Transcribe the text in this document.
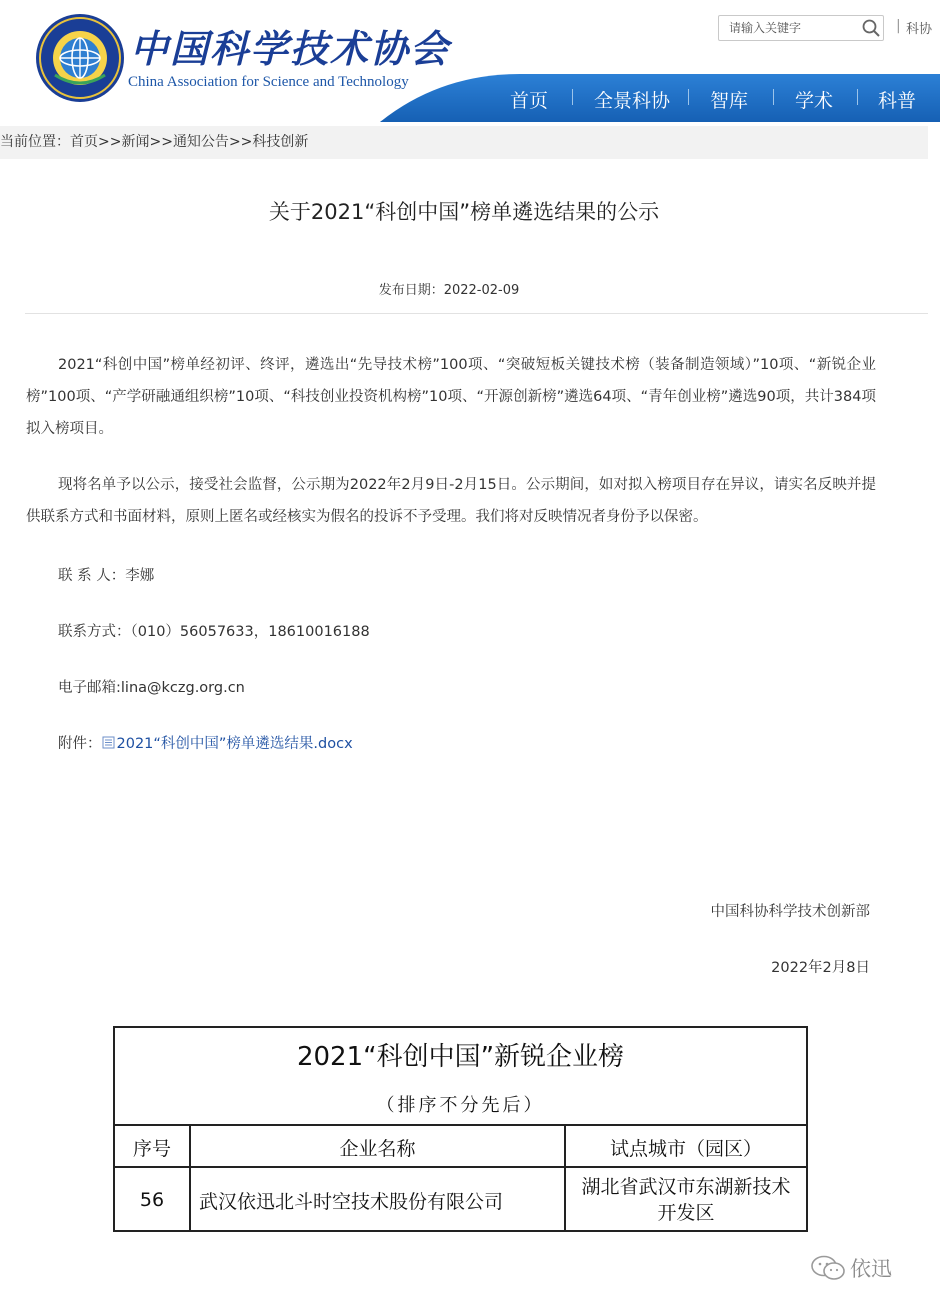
中国科学技术协会
China Association for Science and Technology
请输入关键字
| 科协
首页 全景科协 智库 学术 科普
当前位置：首页>>新闻>>通知公告>>科技创新
关于2021“科创中国”榜单遴选结果的公示
发布日期：2022-02-09
2021“科创中国”榜单经初评、终评，遴选出“先导技术榜”100项、“突破短板关键技术榜（装备制造领域）”10项、“新锐企业榜”100项、“产学研融通组织榜”10项、“科技创业投资机构榜”10项、“开源创新榜”遴选64项、“青年创业榜”遴选90项，共计384项拟入榜项目。
现将名单予以公示，接受社会监督，公示期为2022年2月9日-2月15日。公示期间，如对拟入榜项目存在异议，请实名反映并提供联系方式和书面材料，原则上匿名或经核实为假名的投诉不予受理。我们将对反映情况者身份予以保密。
联 系 人：李娜
联系方式：（010）56057633，18610016188
电子邮箱:lina@kczg.org.cn
附件： 2021“科创中国”榜单遴选结果.docx
中国科协科学技术创新部
2022年2月8日
2021“科创中国”新锐企业榜
（排序不分先后）
序号	企业名称	试点城市（园区）
56	武汉依迅北斗时空技术股份有限公司
湖北省武汉市东湖新技术
开发区
依迅
